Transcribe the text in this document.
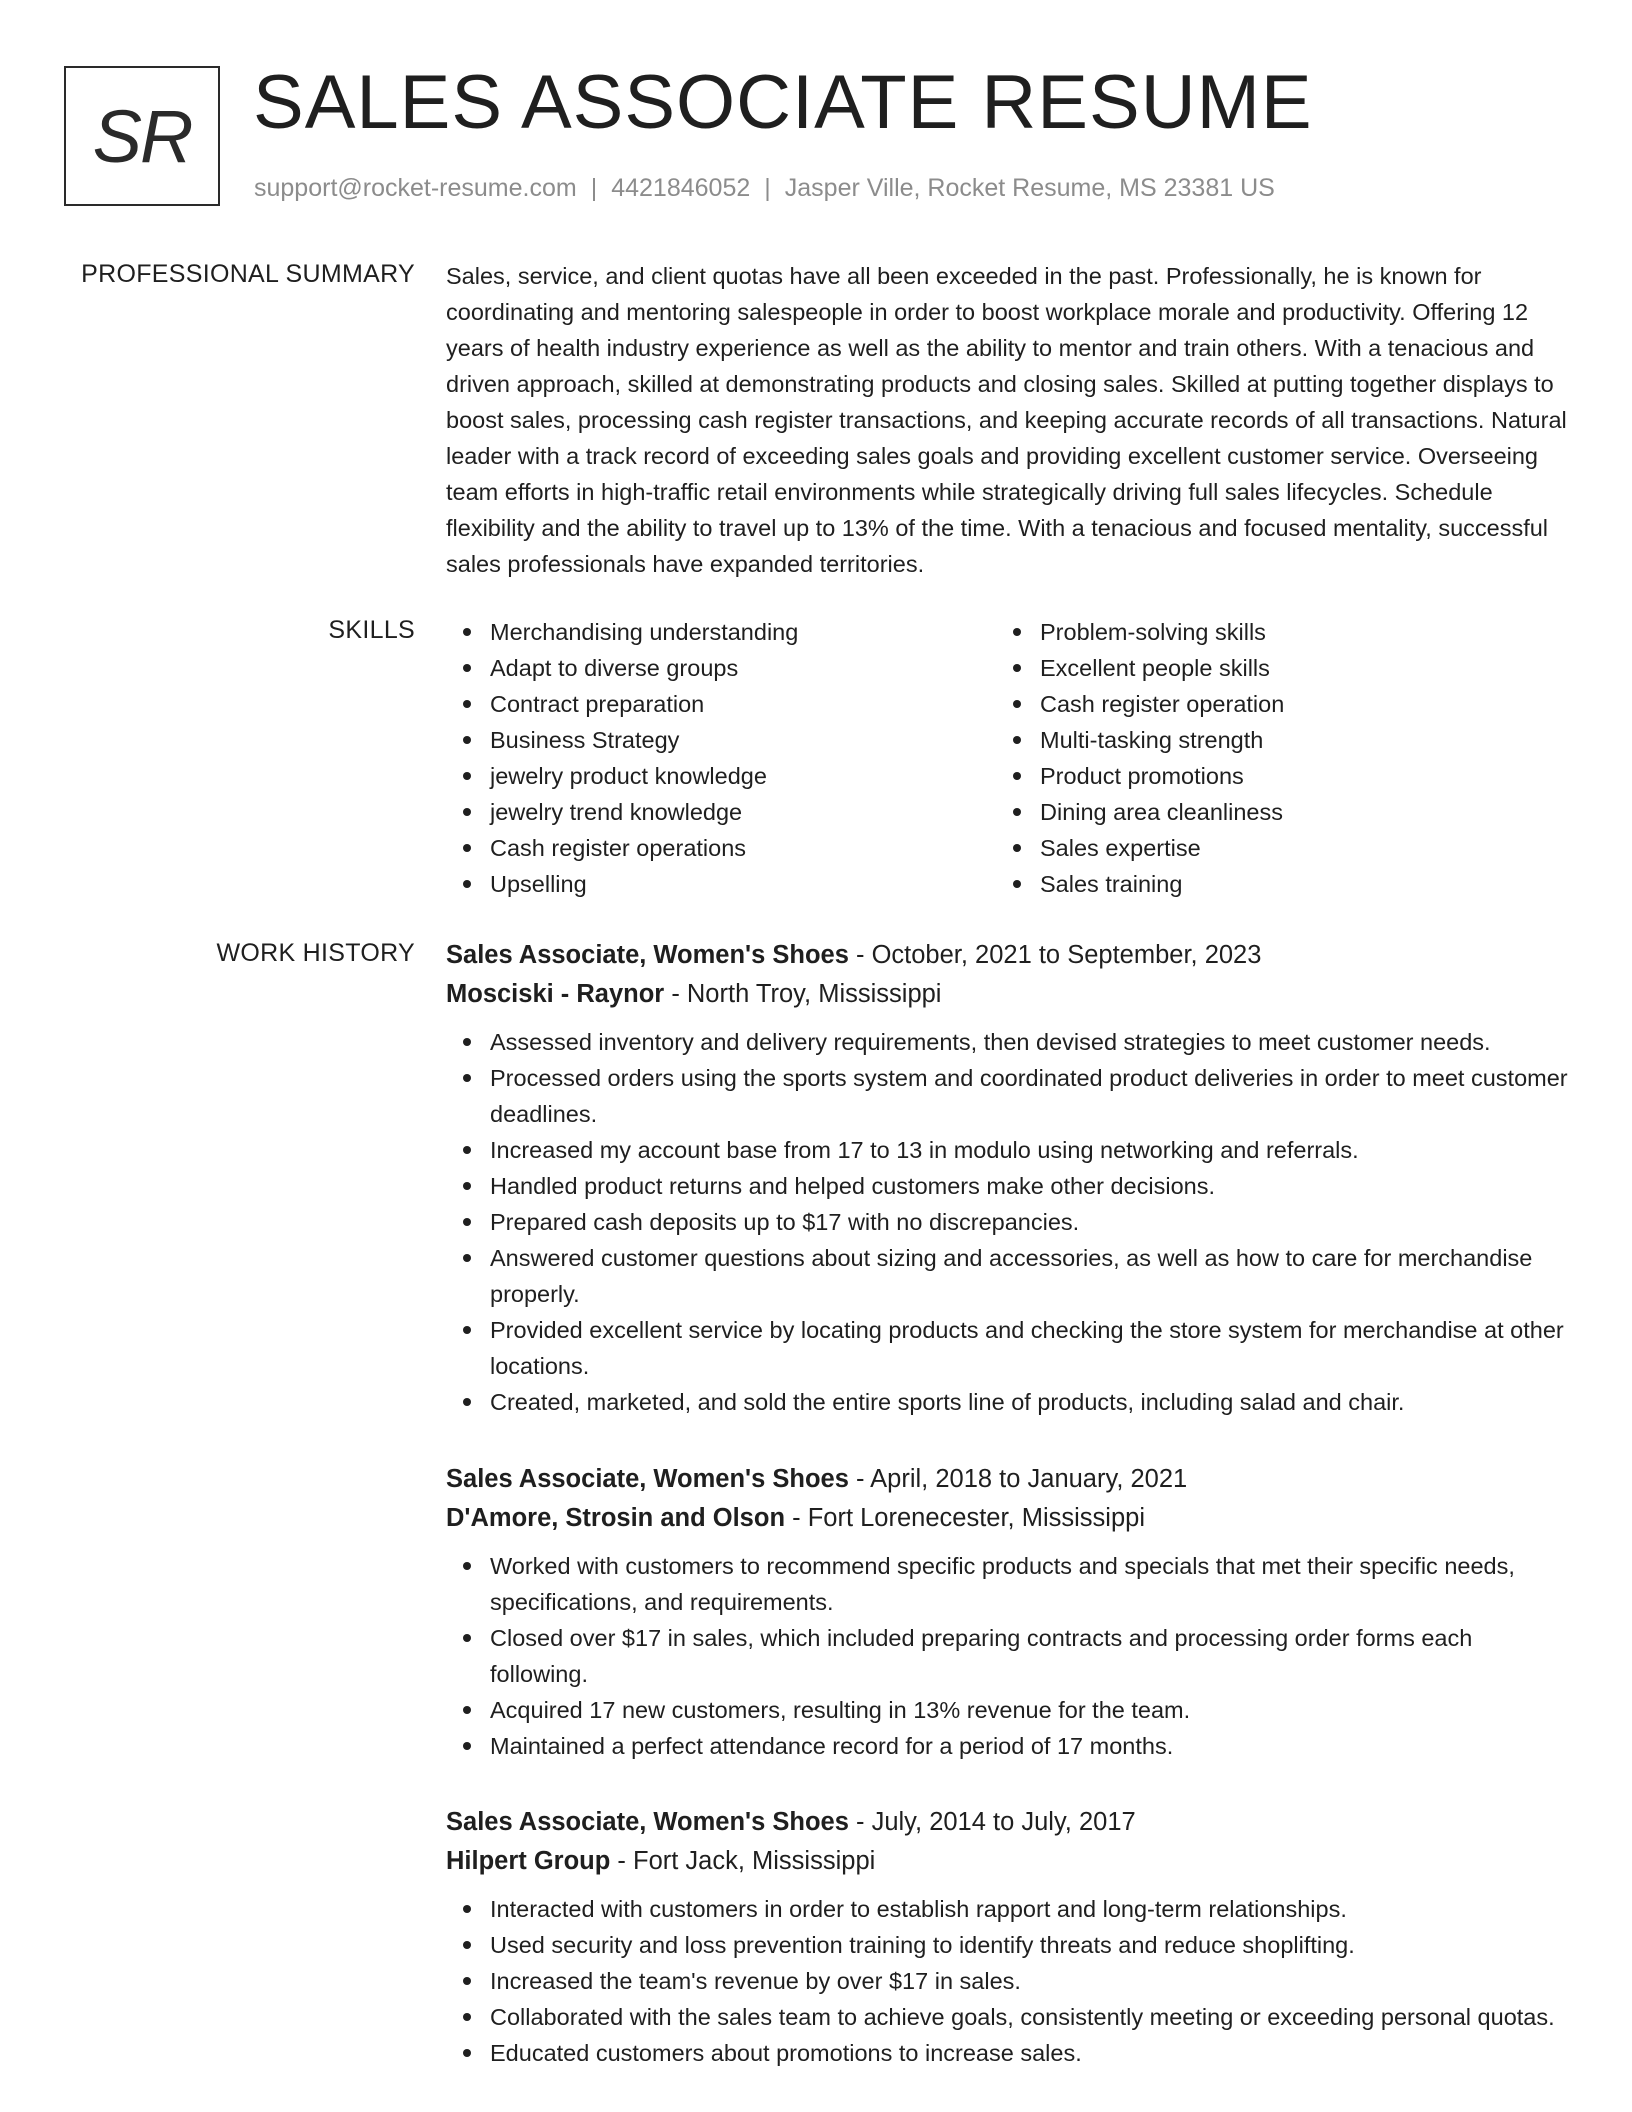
SR SALES ASSOCIATE RESUME
support@rocket-resume.com | 4421846052 | Jasper Ville, Rocket Resume, MS 23381 US
PROFESSIONAL SUMMARY Sales, service, and client quotas have all been exceeded in the past. Professionally, he is known for coordinating and mentoring salespeople in order to boost workplace morale and productivity. Offering 12 years of health industry experience as well as the ability to mentor and train others. With a tenacious and driven approach, skilled at demonstrating products and closing sales. Skilled at putting together displays to boost sales, processing cash register transactions, and keeping accurate records of all transactions. Natural leader with a track record of exceeding sales goals and providing excellent customer service. Overseeing team efforts in high-traffic retail environments while strategically driving full sales lifecycles. Schedule flexibility and the ability to travel up to 13% of the time. With a tenacious and focused mentality, successful sales professionals have expanded territories.

SKILLS	Merchandising understanding
Adapt to diverse groups
Contract preparation
Business Strategy
jewelry product knowledge
jewelry trend knowledge
Cash register operations
Upselling
Problem-solving skills
Excellent people skills
Cash register operation
Multi-tasking strength
Product promotions
Dining area cleanliness
Sales expertise
Sales training
WORK HISTORY Sales Associate, Women's Shoes - October, 2021 to September, 2023
Mosciski - Raynor - North Troy, Mississippi
Assessed inventory and delivery requirements, then devised strategies to meet customer needs.
Processed orders using the sports system and coordinated product deliveries in order to meet customer deadlines.
Increased my account base from 17 to 13 in modulo using networking and referrals.
Handled product returns and helped customers make other decisions.
Prepared cash deposits up to $17 with no discrepancies.
Answered customer questions about sizing and accessories, as well as how to care for merchandise properly.
Provided excellent service by locating products and checking the store system for merchandise at other locations.
Created, marketed, and sold the entire sports line of products, including salad and chair.
Sales Associate, Women's Shoes - April, 2018 to January, 2021
D'Amore, Strosin and Olson - Fort Lorenecester, Mississippi
Worked with customers to recommend specific products and specials that met their specific needs, specifications, and requirements.
Closed over $17 in sales, which included preparing contracts and processing order forms each following.
Acquired 17 new customers, resulting in 13% revenue for the team.
Maintained a perfect attendance record for a period of 17 months.
Sales Associate, Women's Shoes - July, 2014 to July, 2017
Hilpert Group - Fort Jack, Mississippi
Interacted with customers in order to establish rapport and long-term relationships.
Used security and loss prevention training to identify threats and reduce shoplifting.
Increased the team's revenue by over $17 in sales.
Collaborated with the sales team to achieve goals, consistently meeting or exceeding personal quotas.
Educated customers about promotions to increase sales.
